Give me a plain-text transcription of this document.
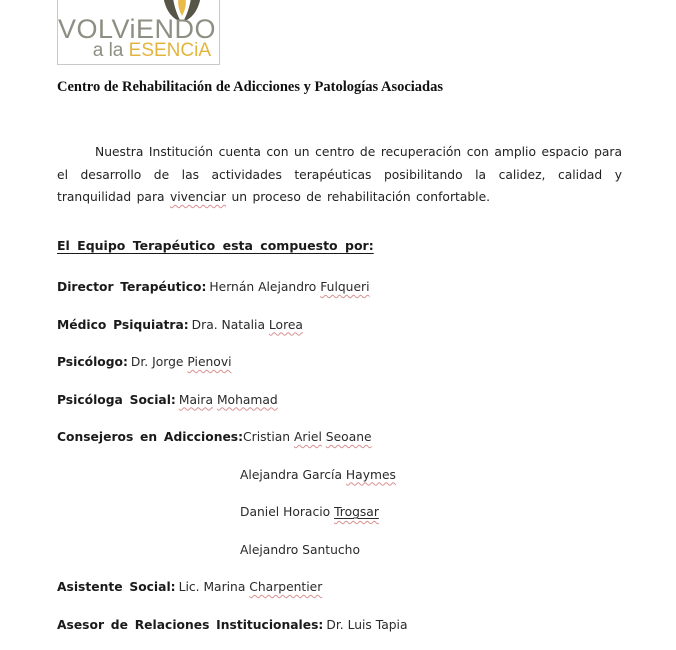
VOLViENDO
a la ESENCiA
Centro de Rehabilitación de Adicciones y Patologías Asociadas
Nuestra Institución cuenta con un centro de recuperación con amplio espacio para el desarrollo de las actividades terapéuticas posibilitando la calidez, calidad y tranquilidad para vivenciar un proceso de rehabilitación confortable.
El Equipo Terapéutico esta compuesto por:
Director Terapéutico: Hernán Alejandro Fulqueri
Médico Psiquiatra: Dra. Natalia Lorea
Psicólogo: Dr. Jorge Pienovi
Psicóloga Social: Maira Mohamad
Consejeros en Adicciones:Cristian Ariel Seoane
Alejandra García Haymes
Daniel Horacio Trogsar
Alejandro Santucho
Asistente Social: Lic. Marina Charpentier
Asesor de Relaciones Institucionales: Dr. Luis Tapia
